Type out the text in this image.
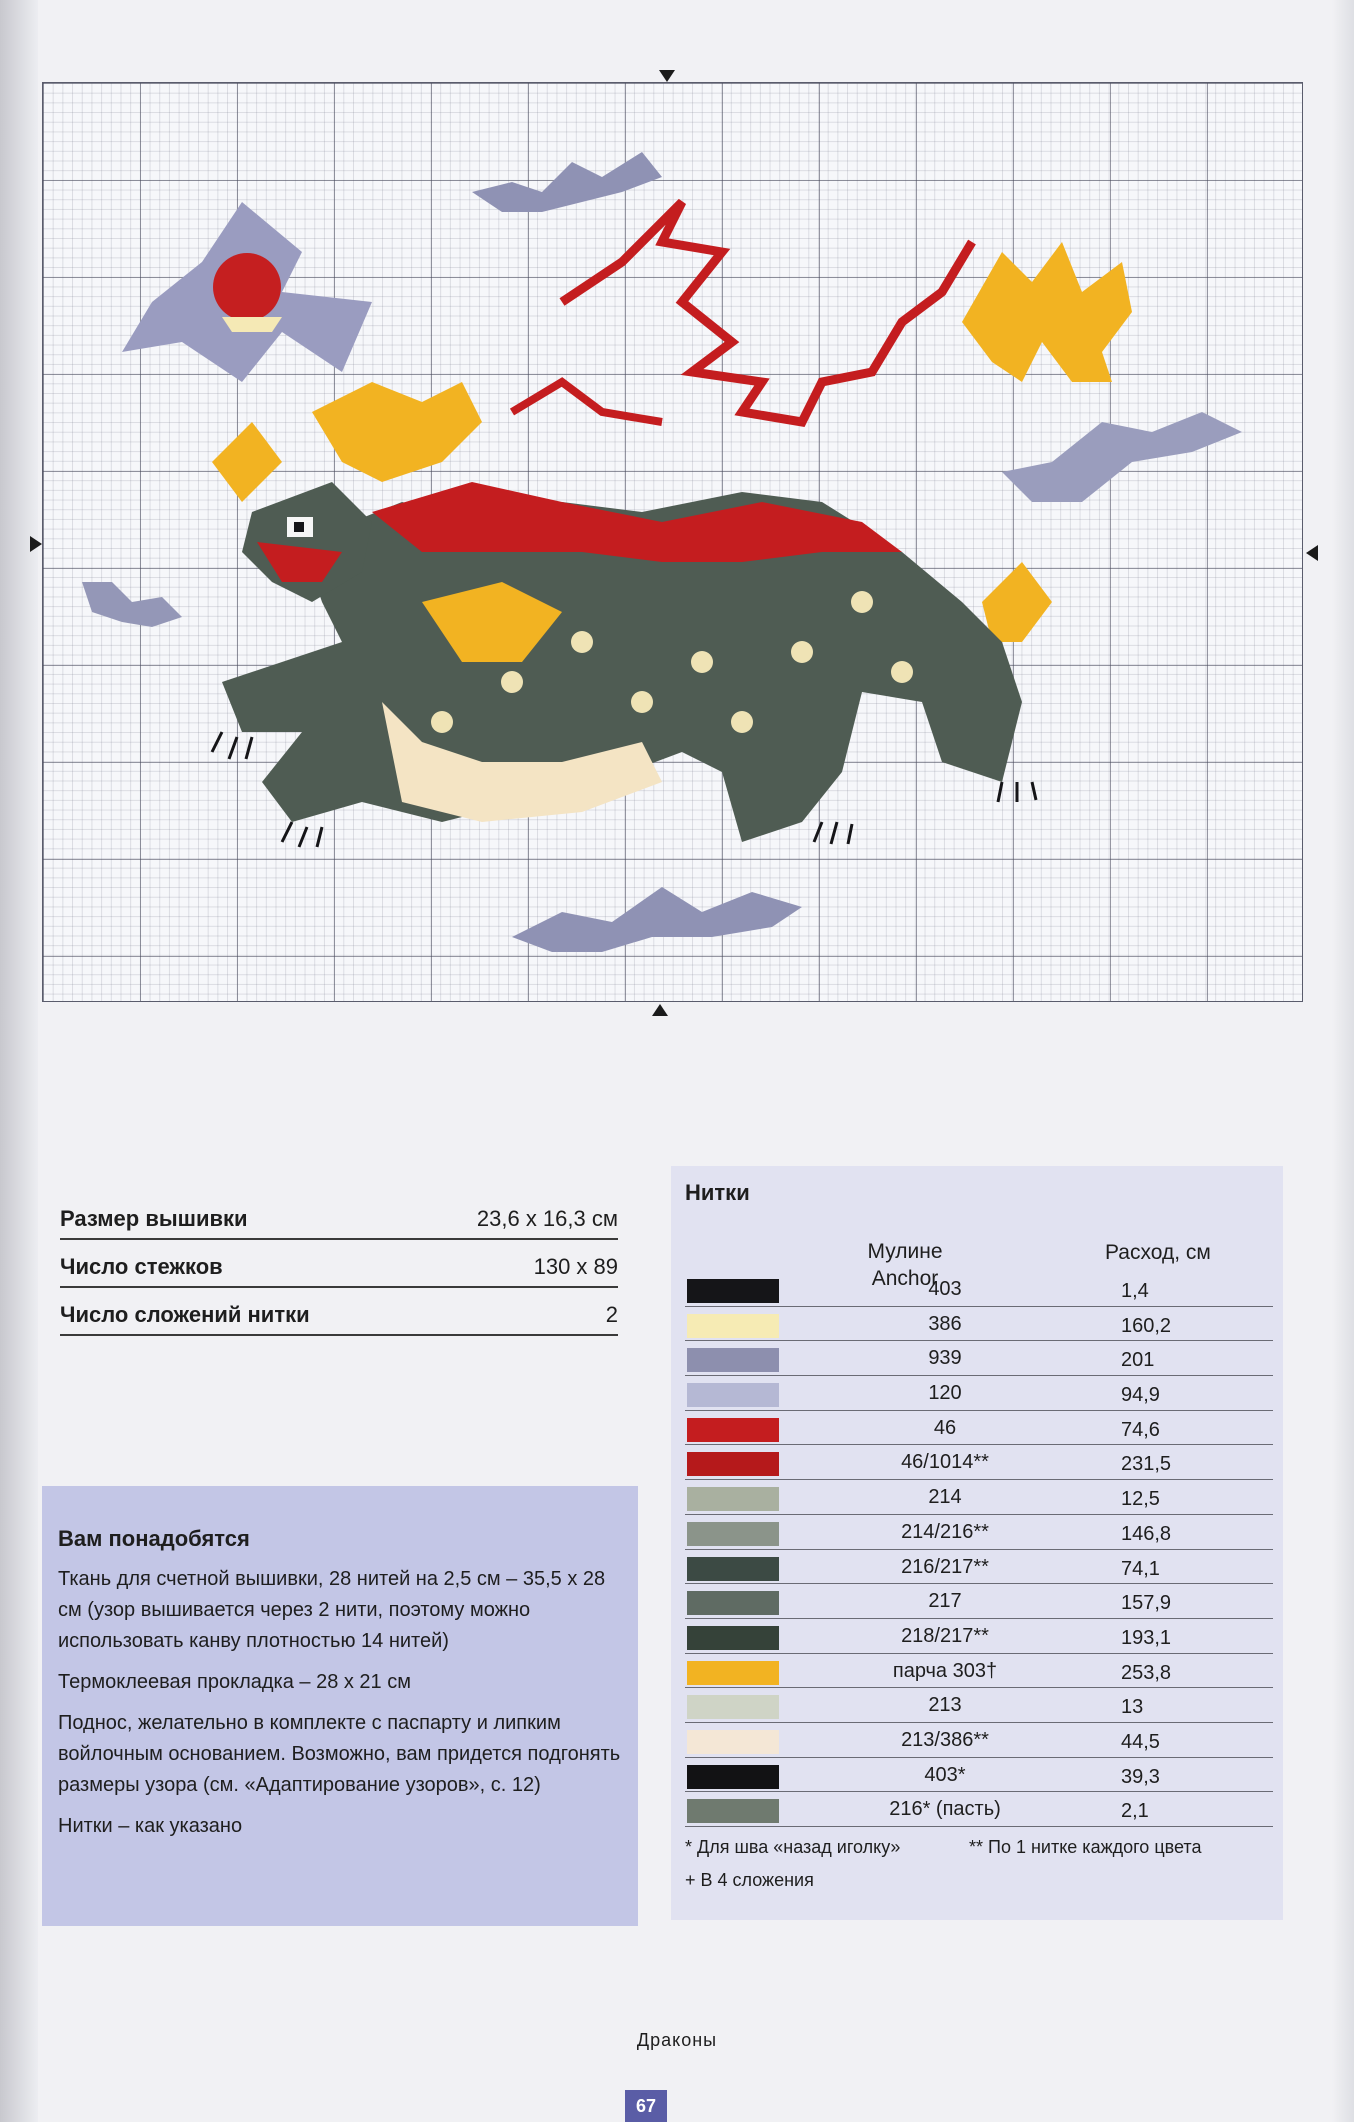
Размер вышивки	23,6 x 16,3 см
Число стежков	130 x 89
Число сложений нитки	2
Вам понадобятся

Ткань для счетной вышивки, 28 нитей на 2,5 см – 35,5 x 28 см (узор вышивается через 2 нити, поэтому можно использовать канву плотностью 14 нитей)

Термоклеевая прокладка – 28 x 21 см

Поднос, желательно в комплекте с паспарту и липким войлочным основанием. Возможно, вам придется подгонять размеры узора (см. «Адаптирование узоров», с. 12)

Нитки – как указано

Нитки
Мулине Anchor
Расход, см
403	1,4
386	160,2
939	201
120	94,9
46	74,6
46/1014**	231,5
214	12,5
214/216**	146,8
216/217**	74,1
217	157,9
218/217**	193,1
парча 303†	253,8
213	13
213/386**	44,5
403*	39,3
216* (пасть)	2,1
* Для шва «назад иголку»	** По 1 нитке каждого цвета
+ В 4 сложения
Драконы
67
